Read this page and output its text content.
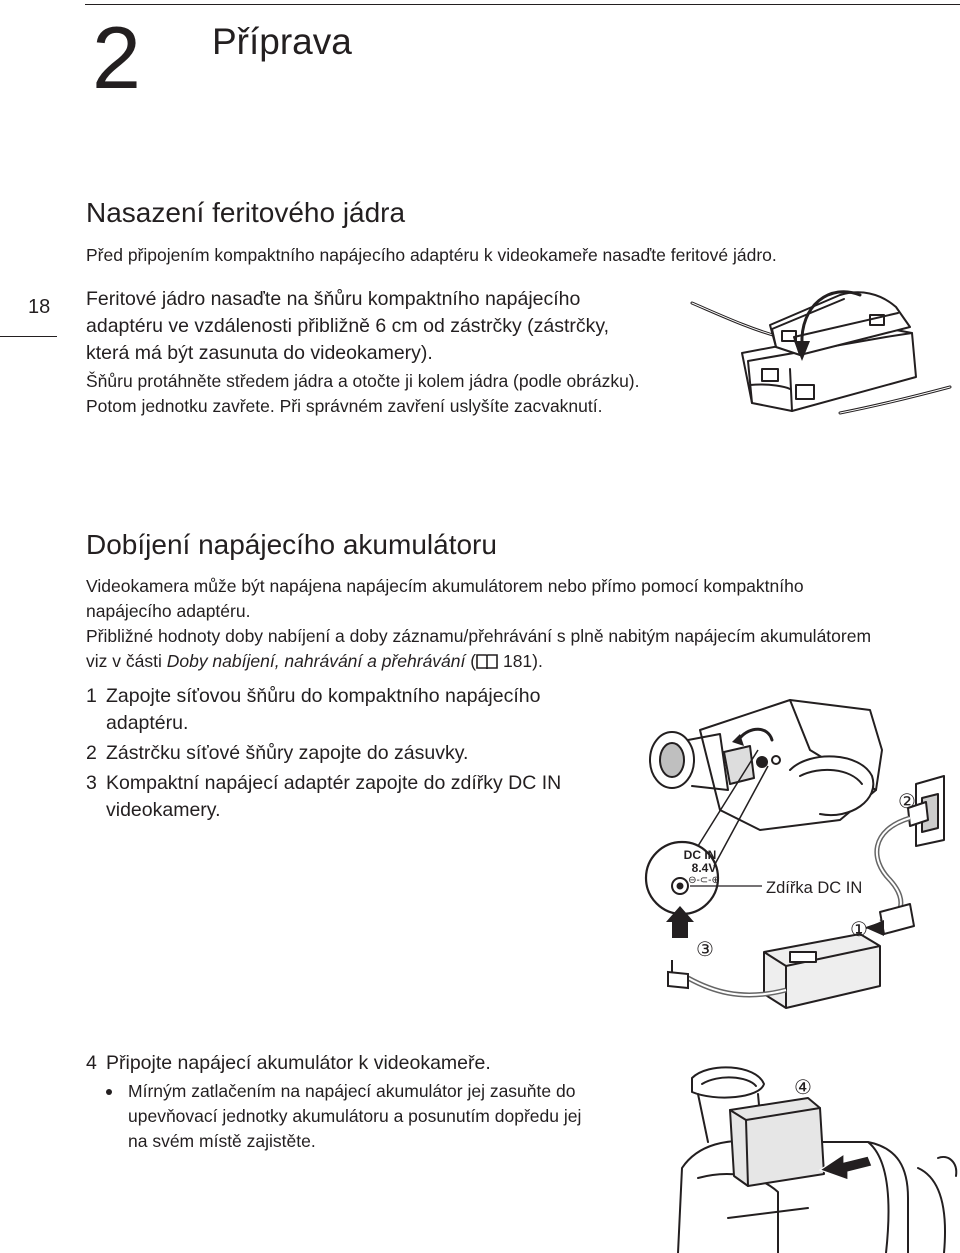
2 Příprava
18
Nasazení feritového jádra

Před připojením kompaktního napájecího adaptéru k videokameře nasaďte feritové jádro.

Feritové jádro nasaďte na šňůru kompaktního napájecího
adaptéru ve vzdálenosti přibližně 6 cm od zástrčky (zástrčky,
která má být zasunuta do videokamery).
Šňůru protáhněte středem jádra a otočte ji kolem jádra (podle obrázku).
Potom jednotku zavřete. Při správném zavření uslyšíte zacvaknutí.
Dobíjení napájecího akumulátoru
Videokamera může být napájena napájecím akumulátorem nebo přímo pomocí kompaktního
napájecího adaptéru.
Přibližné hodnoty doby nabíjení a doby záznamu/přehrávání s plně nabitým napájecím akumulátorem
viz v části Doby nabíjení, nahrávání a přehrávání ( 181).
1 Zapojte síťovou šňůru do kompaktního napájecího
adaptéru.
2 Zástrčku síťové šňůry zapojte do zásuvky.
3 Kompaktní napájecí adaptér zapojte do zdířky DC IN
videokamery.
DC IN
8.4V
⊖-⊂-⊕	Zdířka DC IN
②
①
③
4 Připojte napájecí akumulátor k videokameře.
Mírným zatlačením na napájecí akumulátor jej zasuňte do
upevňovací jednotky akumulátoru a posunutím dopředu jej
na svém místě zajistěte.
④
